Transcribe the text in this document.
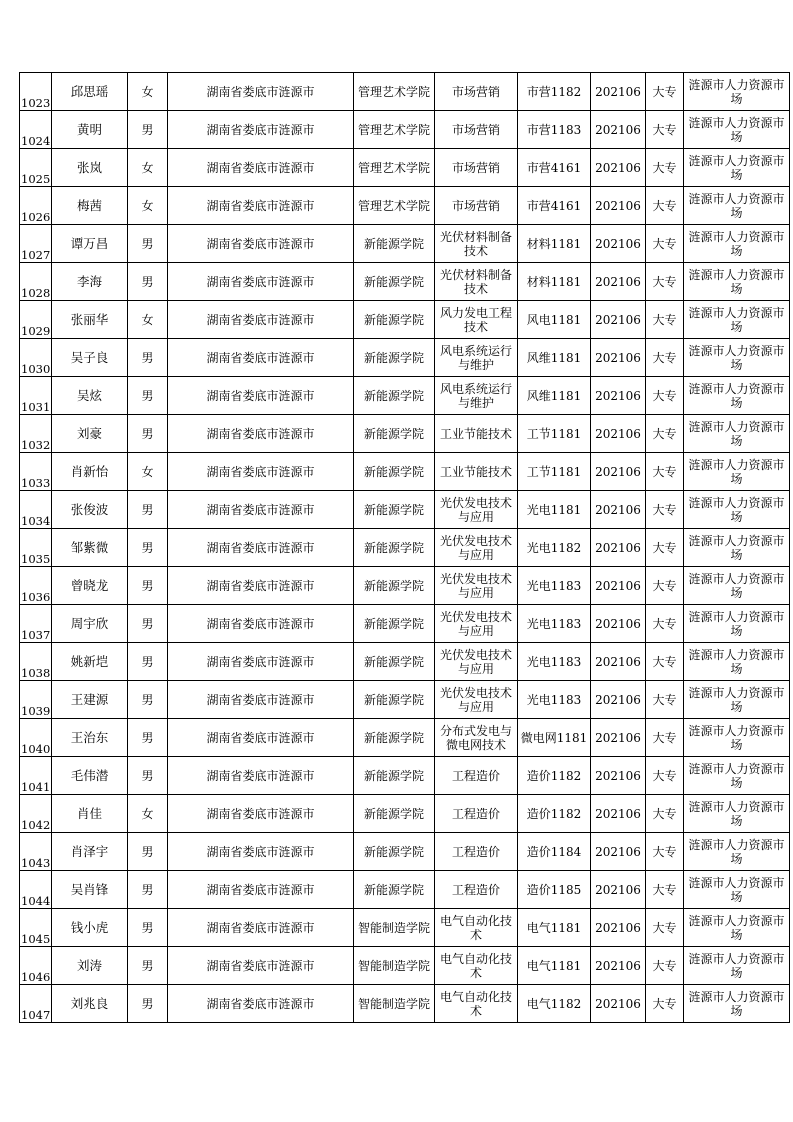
1023	邱思瑶	女	湖南省娄底市涟源市	管理艺术学院	市场营销	市营1182	202106	大专	涟源市人力资源市场
1024	黄明	男	湖南省娄底市涟源市	管理艺术学院	市场营销	市营1183	202106	大专	涟源市人力资源市场
1025	张岚	女	湖南省娄底市涟源市	管理艺术学院	市场营销	市营4161	202106	大专	涟源市人力资源市场
1026	梅茜	女	湖南省娄底市涟源市	管理艺术学院	市场营销	市营4161	202106	大专	涟源市人力资源市场
1027	谭万昌	男	湖南省娄底市涟源市	新能源学院	光伏材料制备技术	材料1181	202106	大专	涟源市人力资源市场
1028	李海	男	湖南省娄底市涟源市	新能源学院	光伏材料制备技术	材料1181	202106	大专	涟源市人力资源市场
1029	张丽华	女	湖南省娄底市涟源市	新能源学院	风力发电工程技术	风电1181	202106	大专	涟源市人力资源市场
1030	吴子良	男	湖南省娄底市涟源市	新能源学院	风电系统运行与维护	风维1181	202106	大专	涟源市人力资源市场
1031	吴炫	男	湖南省娄底市涟源市	新能源学院	风电系统运行与维护	风维1181	202106	大专	涟源市人力资源市场
1032	刘豪	男	湖南省娄底市涟源市	新能源学院	工业节能技术	工节1181	202106	大专	涟源市人力资源市场
1033	肖新怡	女	湖南省娄底市涟源市	新能源学院	工业节能技术	工节1181	202106	大专	涟源市人力资源市场
1034	张俊波	男	湖南省娄底市涟源市	新能源学院	光伏发电技术与应用	光电1181	202106	大专	涟源市人力资源市场
1035	邹紫微	男	湖南省娄底市涟源市	新能源学院	光伏发电技术与应用	光电1182	202106	大专	涟源市人力资源市场
1036	曾晓龙	男	湖南省娄底市涟源市	新能源学院	光伏发电技术与应用	光电1183	202106	大专	涟源市人力资源市场
1037	周宇欣	男	湖南省娄底市涟源市	新能源学院	光伏发电技术与应用	光电1183	202106	大专	涟源市人力资源市场
1038	姚新垲	男	湖南省娄底市涟源市	新能源学院	光伏发电技术与应用	光电1183	202106	大专	涟源市人力资源市场
1039	王建源	男	湖南省娄底市涟源市	新能源学院	光伏发电技术与应用	光电1183	202106	大专	涟源市人力资源市场
1040	王治东	男	湖南省娄底市涟源市	新能源学院	分布式发电与微电网技术	微电网1181	202106	大专	涟源市人力资源市场
1041	毛伟潜	男	湖南省娄底市涟源市	新能源学院	工程造价	造价1182	202106	大专	涟源市人力资源市场
1042	肖佳	女	湖南省娄底市涟源市	新能源学院	工程造价	造价1182	202106	大专	涟源市人力资源市场
1043	肖泽宇	男	湖南省娄底市涟源市	新能源学院	工程造价	造价1184	202106	大专	涟源市人力资源市场
1044	吴肖锋	男	湖南省娄底市涟源市	新能源学院	工程造价	造价1185	202106	大专	涟源市人力资源市场
1045	钱小虎	男	湖南省娄底市涟源市	智能制造学院	电气自动化技术	电气1181	202106	大专	涟源市人力资源市场
1046	刘涛	男	湖南省娄底市涟源市	智能制造学院	电气自动化技术	电气1181	202106	大专	涟源市人力资源市场
1047	刘兆良	男	湖南省娄底市涟源市	智能制造学院	电气自动化技术	电气1182	202106	大专	涟源市人力资源市场
